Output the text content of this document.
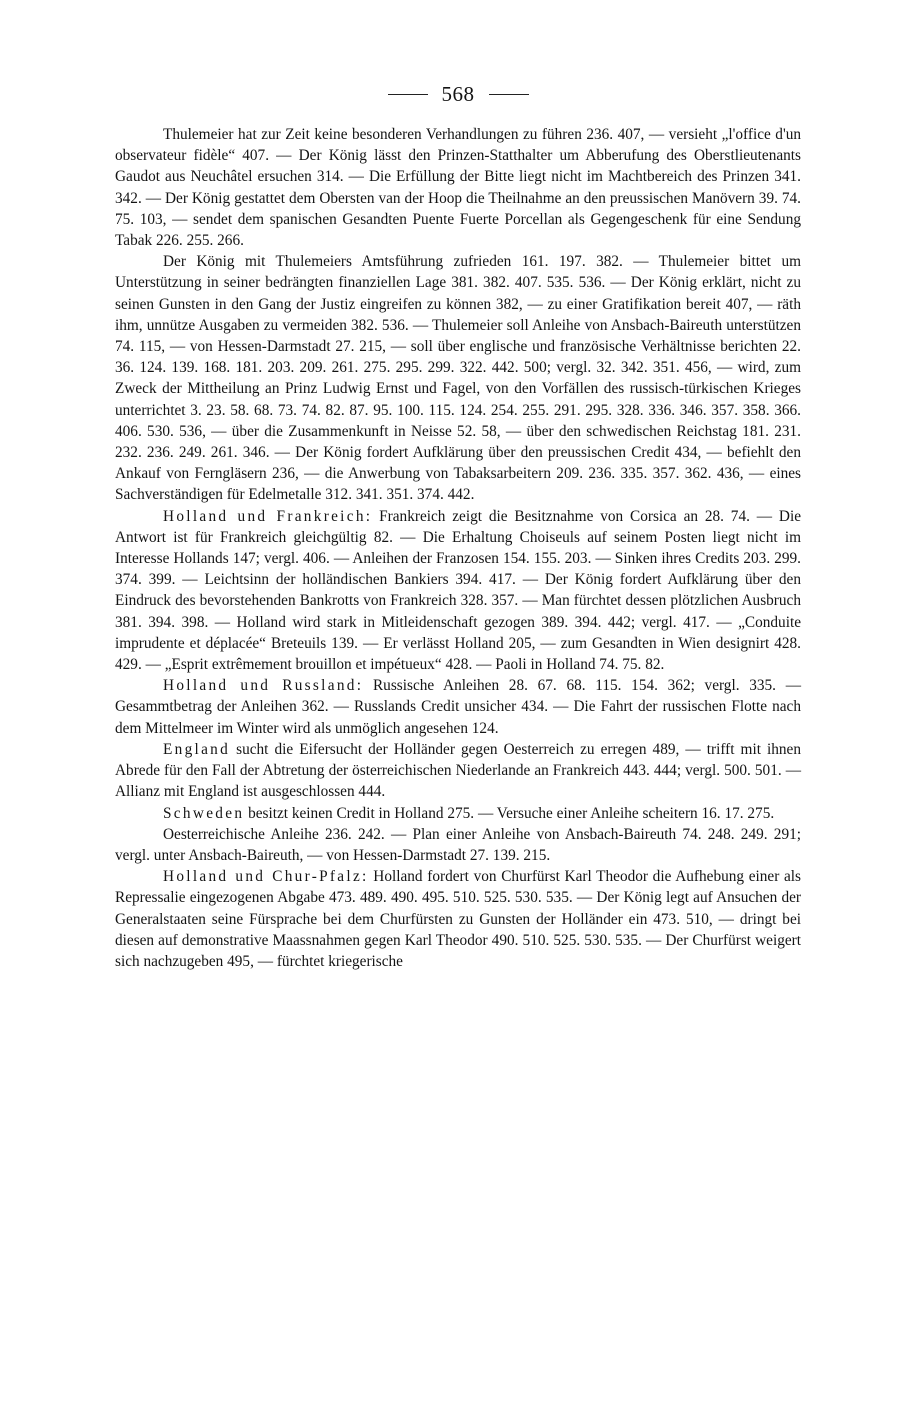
568

Thulemeier hat zur Zeit keine besonderen Verhandlungen zu führen 236. 407, — versieht „l'office d'un observateur fidèle“ 407. — Der König lässt den Prinzen-Statthalter um Abberufung des Oberstlieutenants Gaudot aus Neuchâtel ersuchen 314. — Die Erfüllung der Bitte liegt nicht im Machtbereich des Prinzen 341. 342. — Der König gestattet dem Obersten van der Hoop die Theilnahme an den preussischen Manövern 39. 74. 75. 103, — sendet dem spanischen Gesandten Puente Fuerte Porcellan als Gegengeschenk für eine Sendung Tabak 226. 255. 266.

Der König mit Thulemeiers Amtsführung zufrieden 161. 197. 382. — Thulemeier bittet um Unterstützung in seiner bedrängten finanziellen Lage 381. 382. 407. 535. 536. — Der König erklärt, nicht zu seinen Gunsten in den Gang der Justiz eingreifen zu können 382, — zu einer Gratifikation bereit 407, — räth ihm, unnütze Ausgaben zu vermeiden 382. 536. — Thulemeier soll Anleihe von Ansbach-Baireuth unterstützen 74. 115, — von Hessen-Darmstadt 27. 215, — soll über englische und französische Verhältnisse berichten 22. 36. 124. 139. 168. 181. 203. 209. 261. 275. 295. 299. 322. 442. 500; vergl. 32. 342. 351. 456, — wird, zum Zweck der Mittheilung an Prinz Ludwig Ernst und Fagel, von den Vorfällen des russisch-türkischen Krieges unterrichtet 3. 23. 58. 68. 73. 74. 82. 87. 95. 100. 115. 124. 254. 255. 291. 295. 328. 336. 346. 357. 358. 366. 406. 530. 536, — über die Zusammenkunft in Neisse 52. 58, — über den schwedischen Reichstag 181. 231. 232. 236. 249. 261. 346. — Der König fordert Aufklärung über den preussischen Credit 434, — befiehlt den Ankauf von Ferngläsern 236, — die Anwerbung von Tabaksarbeitern 209. 236. 335. 357. 362. 436, — eines Sachverständigen für Edelmetalle 312. 341. 351. 374. 442.

Holland und Frankreich: Frankreich zeigt die Besitznahme von Corsica an 28. 74. — Die Antwort ist für Frankreich gleichgültig 82. — Die Erhaltung Choiseuls auf seinem Posten liegt nicht im Interesse Hollands 147; vergl. 406. — Anleihen der Franzosen 154. 155. 203. — Sinken ihres Credits 203. 299. 374. 399. — Leichtsinn der holländischen Bankiers 394. 417. — Der König fordert Aufklärung über den Eindruck des bevorstehenden Bankrotts von Frankreich 328. 357. — Man fürchtet dessen plötzlichen Ausbruch 381. 394. 398. — Holland wird stark in Mitleidenschaft gezogen 389. 394. 442; vergl. 417. — „Conduite imprudente et déplacée“ Breteuils 139. — Er verlässt Holland 205, — zum Gesandten in Wien designirt 428. 429. — „Esprit extrêmement brouillon et impétueux“ 428. — Paoli in Holland 74. 75. 82.

Holland und Russland: Russische Anleihen 28. 67. 68. 115. 154. 362; vergl. 335. — Gesammtbetrag der Anleihen 362. — Russlands Credit unsicher 434. — Die Fahrt der russischen Flotte nach dem Mittelmeer im Winter wird als unmöglich angesehen 124.

England sucht die Eifersucht der Holländer gegen Oesterreich zu erregen 489, — trifft mit ihnen Abrede für den Fall der Abtretung der österreichischen Niederlande an Frankreich 443. 444; vergl. 500. 501. — Allianz mit England ist ausgeschlossen 444.

Schweden besitzt keinen Credit in Holland 275. — Versuche einer Anleihe scheitern 16. 17. 275.

Oesterreichische Anleihe 236. 242. — Plan einer Anleihe von Ansbach-Baireuth 74. 248. 249. 291; vergl. unter Ansbach-Baireuth, — von Hessen-Darmstadt 27. 139. 215.

Holland und Chur-Pfalz: Holland fordert von Churfürst Karl Theodor die Aufhebung einer als Repressalie eingezogenen Abgabe 473. 489. 490. 495. 510. 525. 530. 535. — Der König legt auf Ansuchen der Generalstaaten seine Fürsprache bei dem Churfürsten zu Gunsten der Holländer ein 473. 510, — dringt bei diesen auf demonstrative Maassnahmen gegen Karl Theodor 490. 510. 525. 530. 535. — Der Churfürst weigert sich nachzugeben 495, — fürchtet kriegerische
